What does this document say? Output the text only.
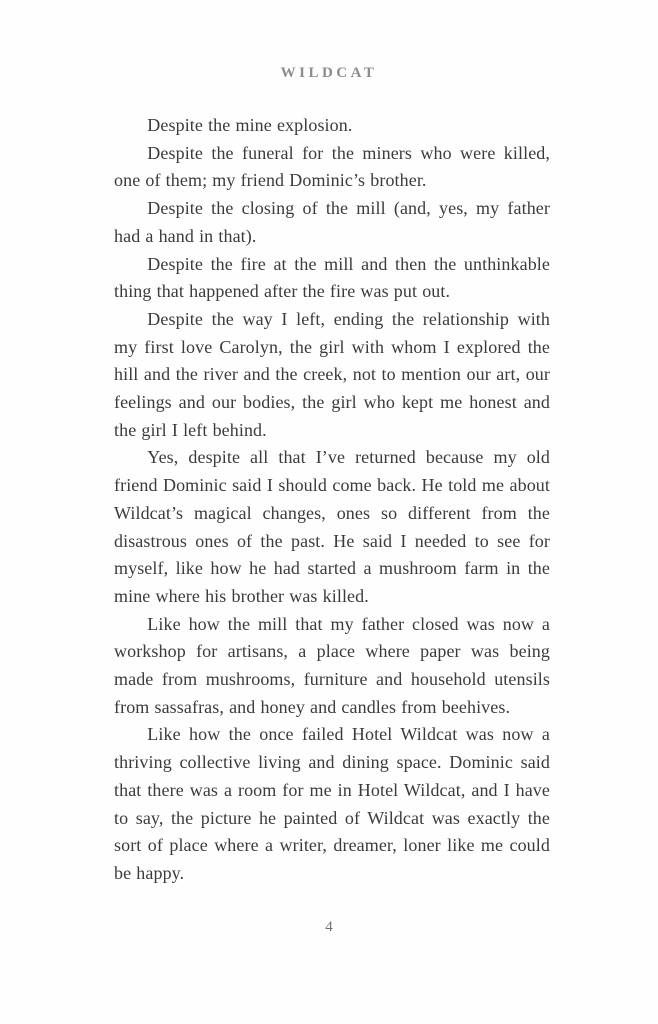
WILDCAT

Despite the mine explosion.

Despite the funeral for the miners who were killed, one of them; my friend Dominic’s brother.

Despite the closing of the mill (and, yes, my father had a hand in that).

Despite the fire at the mill and then the unthinkable thing that happened after the fire was put out.

Despite the way I left, ending the relationship with my first love Carolyn, the girl with whom I explored the hill and the river and the creek, not to mention our art, our feelings and our bodies, the girl who kept me honest and the girl I left behind.

Yes, despite all that I’ve returned because my old friend Dominic said I should come back. He told me about Wildcat’s magical changes, ones so different from the disastrous ones of the past. He said I needed to see for myself, like how he had started a mushroom farm in the mine where his brother was killed.

Like how the mill that my father closed was now a workshop for artisans, a place where paper was being made from mushrooms, furniture and household utensils from sassafras, and honey and candles from beehives.

Like how the once failed Hotel Wildcat was now a thriving collective living and dining space. Dominic said that there was a room for me in Hotel Wildcat, and I have to say, the picture he painted of Wildcat was exactly the sort of place where a writer, dreamer, loner like me could be happy.

4
